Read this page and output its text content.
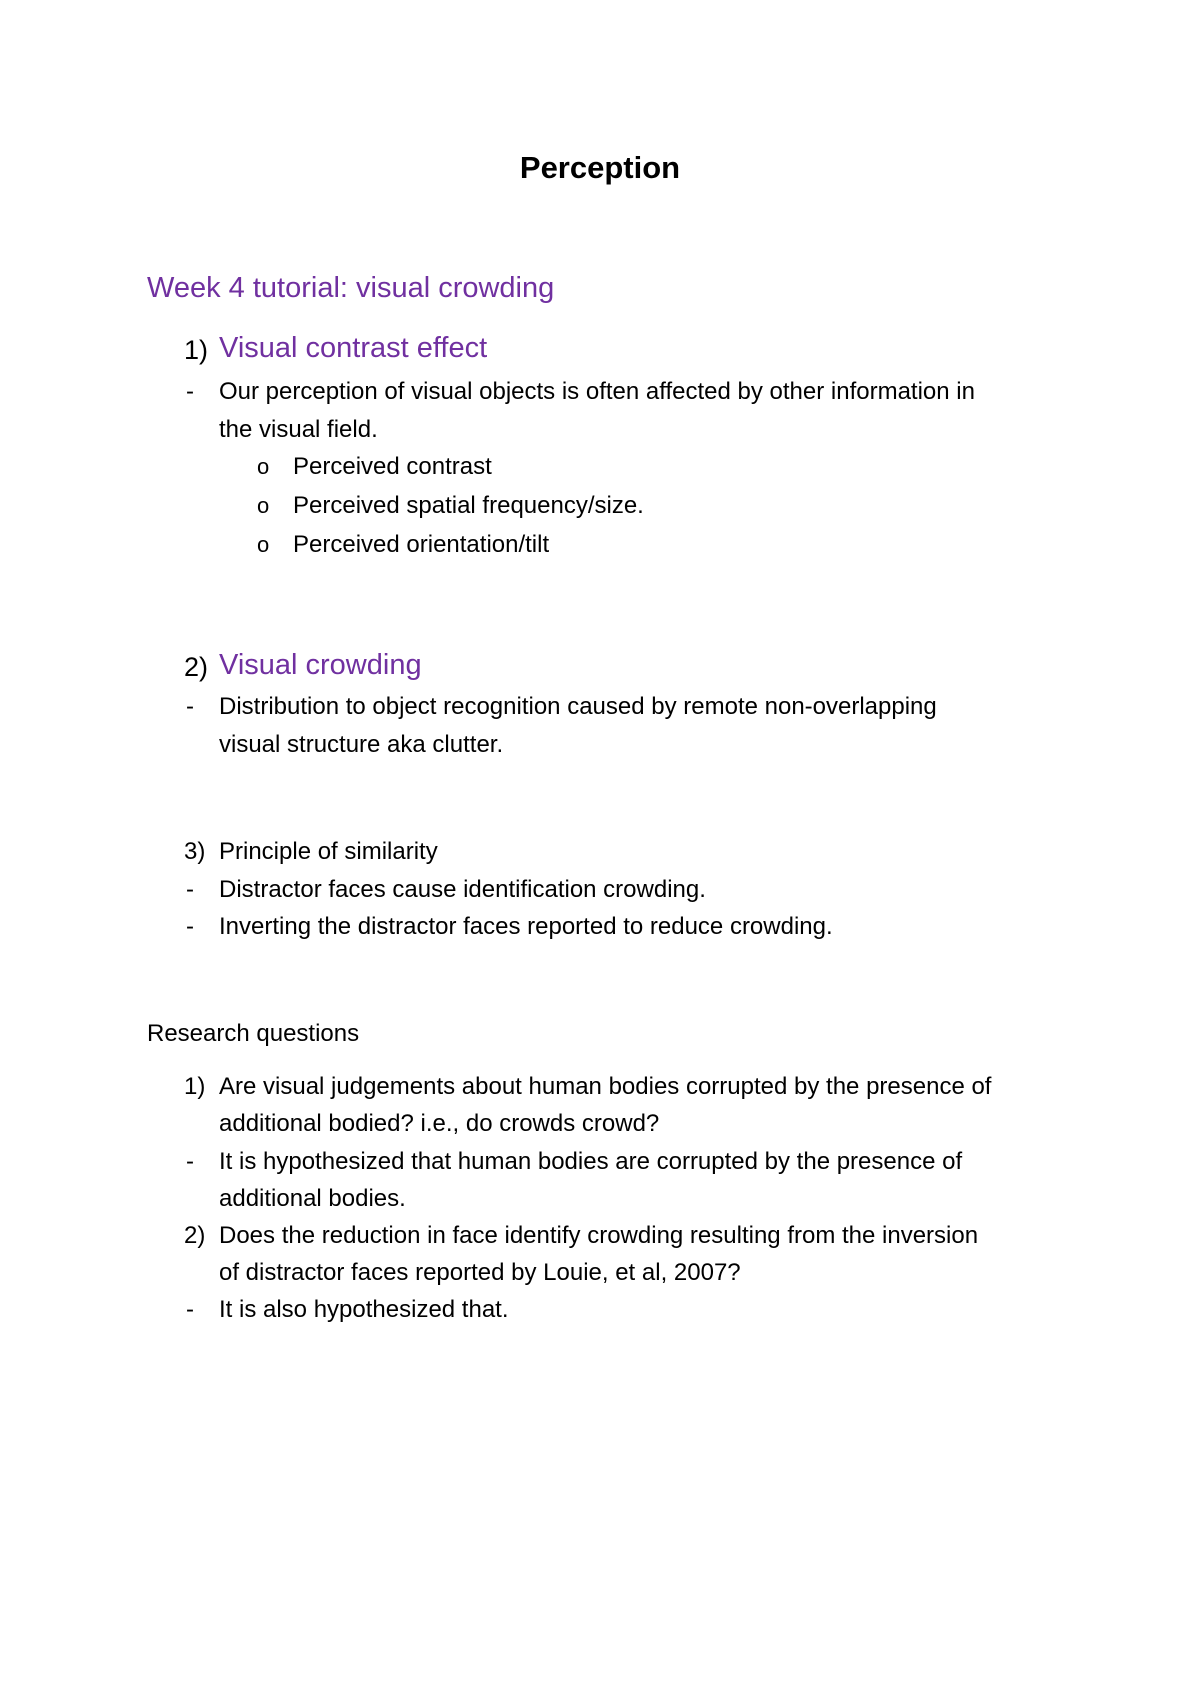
Perception
Week 4 tutorial: visual crowding
1) Visual contrast effect
- Our perception of visual objects is often affected by other information in
the visual field.
o Perceived contrast
o Perceived spatial frequency/size.
o Perceived orientation/tilt
2) Visual crowding
- Distribution to object recognition caused by remote non-overlapping
visual structure aka clutter.
3) Principle of similarity
- Distractor faces cause identification crowding.
- Inverting the distractor faces reported to reduce crowding.
Research questions
1) Are visual judgements about human bodies corrupted by the presence of
additional bodied? i.e., do crowds crowd?
- It is hypothesized that human bodies are corrupted by the presence of
additional bodies.
2) Does the reduction in face identify crowding resulting from the inversion
of distractor faces reported by Louie, et al, 2007?
- It is also hypothesized that.
